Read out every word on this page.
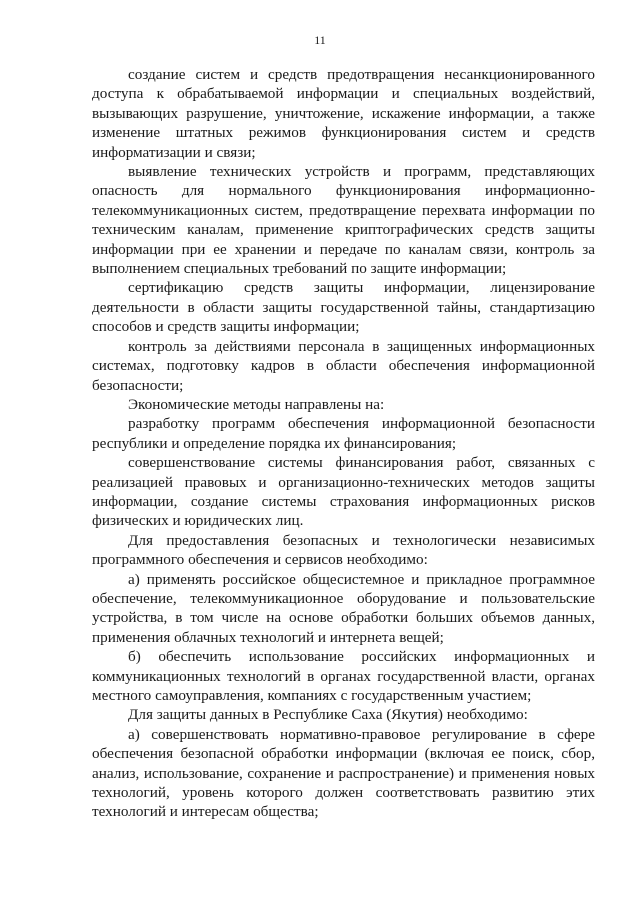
11

создание систем и средств предотвращения несанкционированного доступа к обрабатываемой информации и специальных воздействий, вызывающих разрушение, уничтожение, искажение информации, а также изменение штатных режимов функционирования систем и средств информатизации и связи;

выявление технических устройств и программ, представляющих опасность для нормального функционирования информационно-телекоммуникационных систем, предотвращение перехвата информации по техническим каналам, применение криптографических средств защиты информации при ее хранении и передаче по каналам связи, контроль за выполнением специальных требований по защите информации;

сертификацию средств защиты информации, лицензирование деятельности в области защиты государственной тайны, стандартизацию способов и средств защиты информации;

контроль за действиями персонала в защищенных информационных системах, подготовку кадров в области обеспечения информационной безопасности;

Экономические методы направлены на:

разработку программ обеспечения информационной безопасности республики и определение порядка их финансирования;

совершенствование системы финансирования работ, связанных с реализацией правовых и организационно-технических методов защиты информации, создание системы страхования информационных рисков физических и юридических лиц.

Для предоставления безопасных и технологически независимых программного обеспечения и сервисов необходимо:

а) применять российское общесистемное и прикладное программное обеспечение, телекоммуникационное оборудование и пользовательские устройства, в том числе на основе обработки больших объемов данных, применения облачных технологий и интернета вещей;

б) обеспечить использование российских информационных и коммуникационных технологий в органах государственной власти, органах местного самоуправления, компаниях с государственным участием;

Для защиты данных в Республике Саха (Якутия) необходимо:

а) совершенствовать нормативно-правовое регулирование в сфере обеспечения безопасной обработки информации (включая ее поиск, сбор, анализ, использование, сохранение и распространение) и применения новых технологий, уровень которого должен соответствовать развитию этих технологий и интересам общества;
